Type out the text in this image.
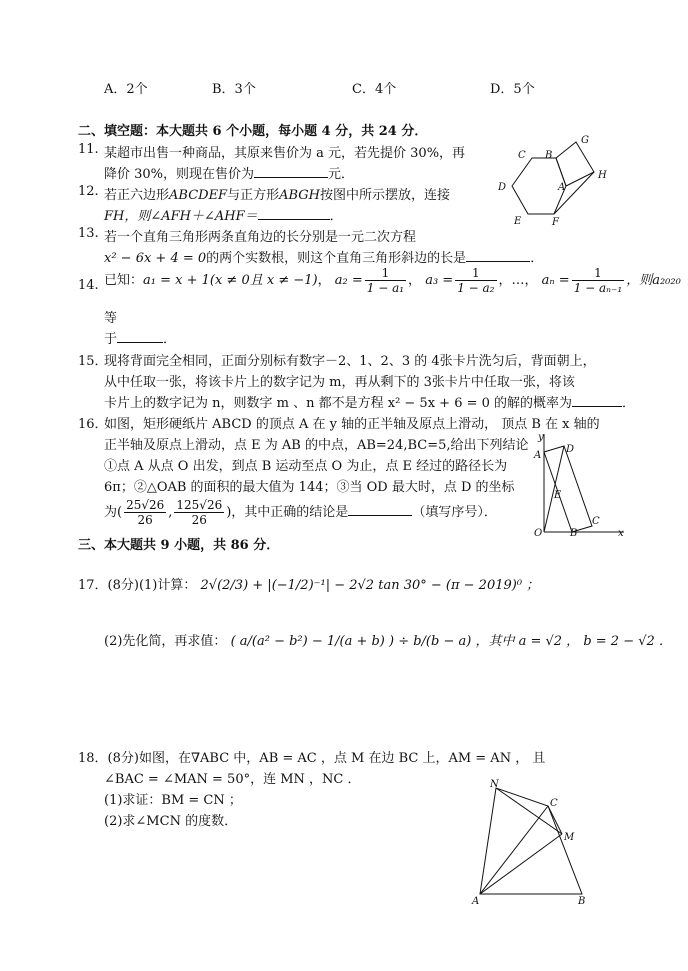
A．2个	B．3个	C．4个	D．5个
二、填空题：本大题共 6 个小题，每小题 4 分，共 24 分．
11. 某超市出售一种商品，其原来售价为 a 元，若先提价 30%，再
降价 30%，则现在售价为	元．
C B
G
D	A
H
E	F
12. 若正六边形ABCDEF与正方形ABGH按图中所示摆放，连接
FH，则∠AFH＋∠AHF＝	．
13. 若一个直角三角形两条直角边的长分别是一元二次方程
x² − 6x + 4 = 0的两个实数根，则这个直角三角形斜边的长是	．
14. 已知：a₁ = x + 1(x ≠ 0且 x ≠ −1)， $a_2 = \frac{1}{\text{1 − a₁}}$ ， $a_3 = \frac{1}{\text{1 − a₂}}$ ，…， $a_n = \frac{1}{\text{1 − aₙ₋₁}}$ ，则a₂₀₂₀
等
于	．
15．
现将背面完全相同，正面分别标有数字－2、1、2、3 的 4张卡片洗匀后，背面朝上，
从中任取一张，将该卡片上的数字记为 m，再从剩下的 3张卡片中任取一张，将该
卡片上的数字记为 n，则数字 m 、n 都不是方程 x² − 5x + 6 = 0 的解的概率为	．
16．
如图，矩形硬纸片 ABCD 的顶点 A 在 y 轴的正半轴及原点上滑动， 顶点 B 在 x 轴的
正半轴及原点上滑动，点 E 为 AB 的中点，AB=24,BC=5,给出下列结论
①点 A 从点 O 出发，到点 B 运动至点 O 为止，点 E 经过的路径长为
6π；②△OAB 的面积的最大值为 144；③当 OD 最大时，点 D 的坐标
为( $\frac{25√26}{26}$ , $\frac{125√26}{26}$ )，其中正确的结论是	（填写序号）．
y
D
A
E
C
O	B	x
三、本大题共 9 小题，共 86 分．
17．(8分)(1)计算： 2√(2/3) + |(−1/2)⁻¹| − 2√2 tan 30° − (π − 2019)⁰ ；
(2)先化简，再求值： ( a/(a² − b²) − 1/(a + b) ) ÷ b/(b − a) ，其中 a = √2 ， b = 2 − √2 ．
18．(8分)如图，在∇ABC 中，AB = AC ，点 M 在边 BC 上，AM = AN ， 且
∠BAC = ∠MAN = 50°，连 MN ，NC ．
(1)求证：BM = CN ；
(2)求∠MCN 的度数．
N
C
M
A	B
